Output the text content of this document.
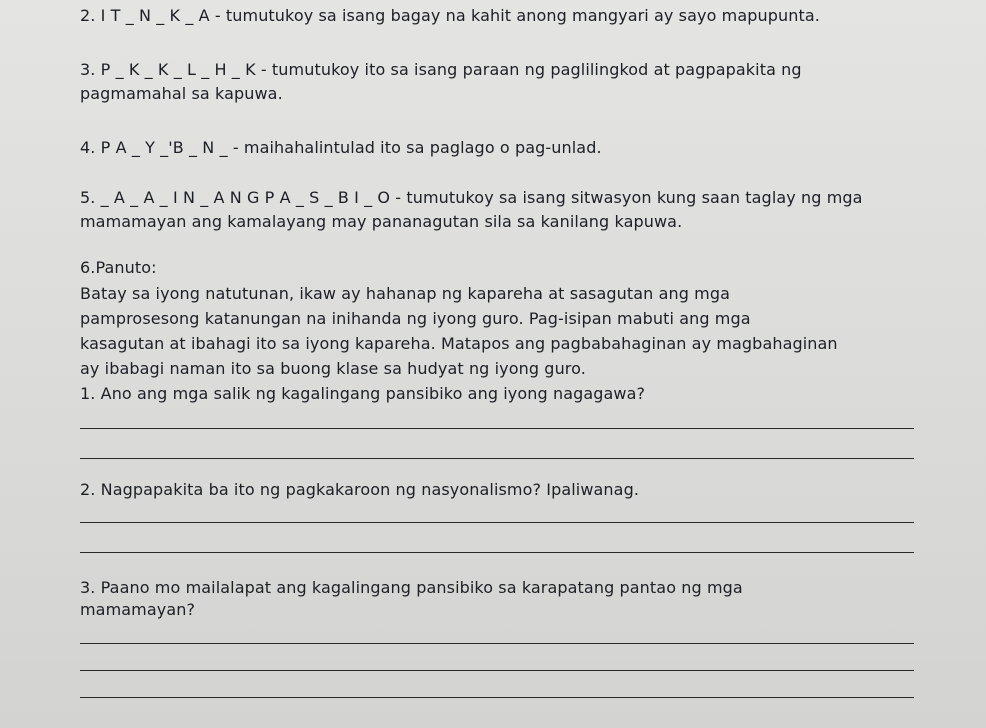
2. I T _ N _ K _ A - tumutukoy sa isang bagay na kahit anong mangyari ay sayo mapupunta.
3. P _ K _ K _ L _ H _ K - tumutukoy ito sa isang paraan ng paglilingkod at pagpapakita ng
pagmamahal sa kapuwa.
4. P A _ Y _'B _ N _ - maihahalintulad ito sa paglago o pag-unlad.
5. _ A _ A _ I N _ A N G P A _ S _ B I _ O - tumutukoy sa isang sitwasyon kung saan taglay ng mga
mamamayan ang kamalayang may pananagutan sila sa kanilang kapuwa.
6.Panuto:
Batay sa iyong natutunan, ikaw ay hahanap ng kapareha at sasagutan ang mga
pamprosesong katanungan na inihanda ng iyong guro. Pag-isipan mabuti ang mga
kasagutan at ibahagi ito sa iyong kapareha. Matapos ang pagbabahaginan ay magbahaginan
ay ibabagi naman ito sa buong klase sa hudyat ng iyong guro.
1. Ano ang mga salik ng kagalingang pansibiko ang iyong nagagawa?
2. Nagpapakita ba ito ng pagkakaroon ng nasyonalismo? Ipaliwanag.
3. Paano mo mailalapat ang kagalingang pansibiko sa karapatang pantao ng mga
mamamayan?
